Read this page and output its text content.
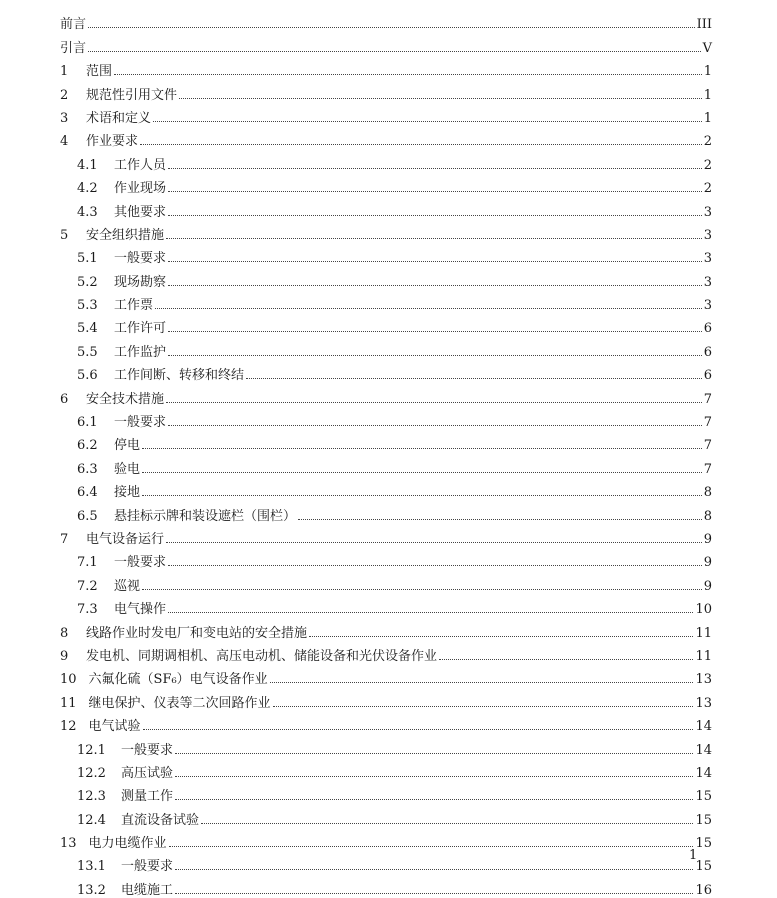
前言	III
引言	V
1	范围	1
2	规范性引用文件	1
3	术语和定义	1
4	作业要求	2
4.1 工作人员	2
4.2 作业现场	2
4.3 其他要求	3
5	安全组织措施	3
5.1 一般要求	3
5.2 现场勘察	3
5.3 工作票	3
5.4 工作许可	6
5.5 工作监护	6
5.6 工作间断、转移和终结	6
6	安全技术措施	7
6.1 一般要求	7
6.2 停电	7
6.3 验电	7
6.4 接地	8
6.5 悬挂标示牌和装设遮栏（围栏）	8
7	电气设备运行	9
7.1 一般要求	9
7.2 巡视	9
7.3 电气操作	10
8	线路作业时发电厂和变电站的安全措施	11
9	发电机、同期调相机、高压电动机、储能设备和光伏设备作业	11
10 六氟化硫（SF₆）电气设备作业	13
11 继电保护、仪表等二次回路作业	13
12 电气试验	14
12.1 一般要求	14
12.2 高压试验	14
12.3 测量工作	15
12.4 直流设备试验	15
13 电力电缆作业	15
13.1 一般要求	15
13.2 电缆施工	16
1
